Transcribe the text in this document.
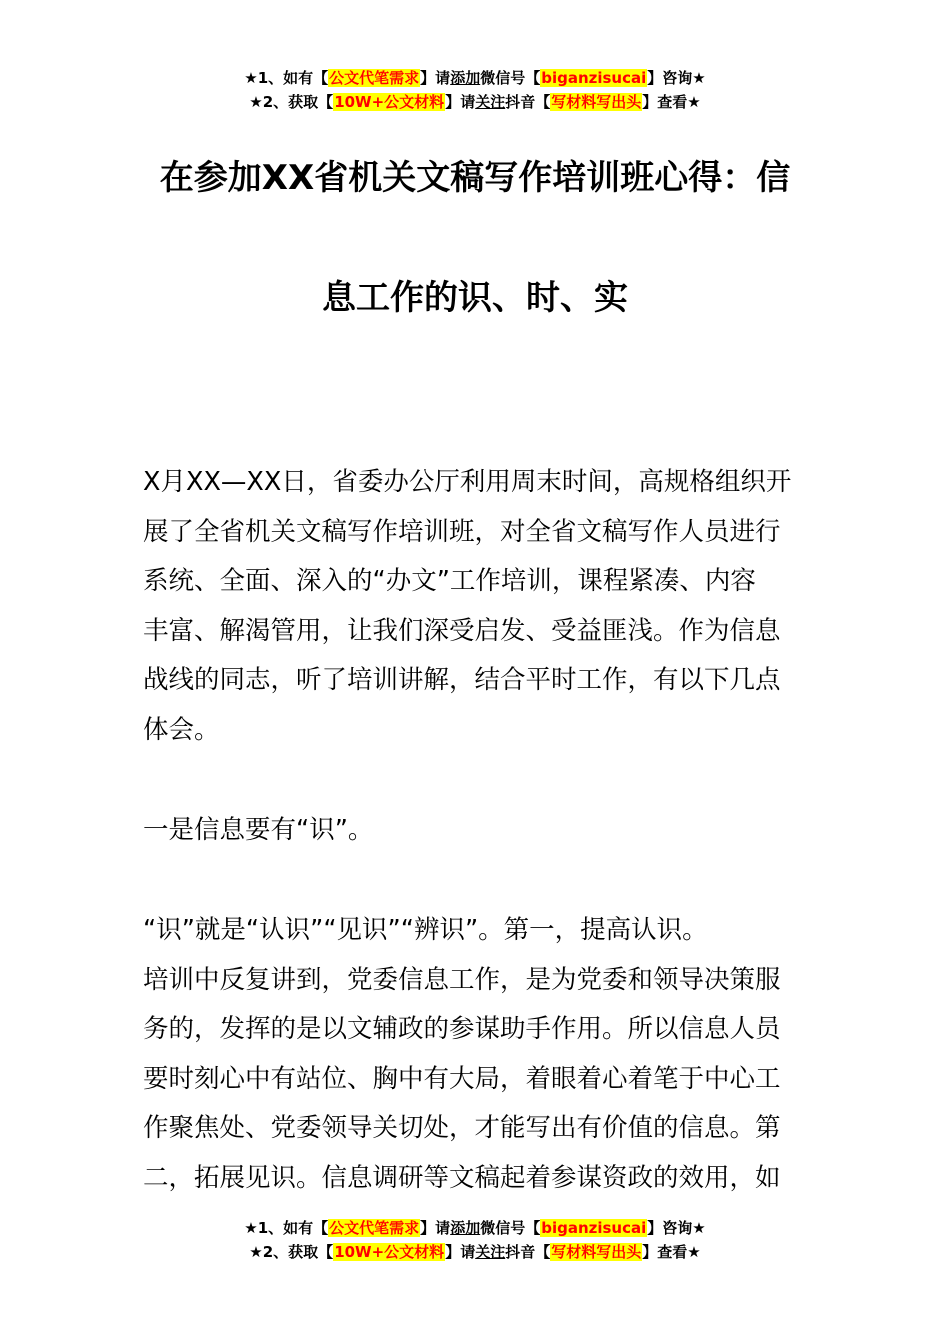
★1、如有【公文代笔需求】请添加微信号【biganzisucai】咨询★
★2、获取【10W+公文材料】请关注抖音【写材料写出头】查看★
在参加XX省机关文稿写作培训班心得：信
息工作的识、时、实
X月XX—XX日，省委办公厅利用周末时间，高规格组织开
展了全省机关文稿写作培训班，对全省文稿写作人员进行
系统、全面、深入的“办文”工作培训，课程紧凑、内容
丰富、解渴管用，让我们深受启发、受益匪浅。作为信息
战线的同志，听了培训讲解，结合平时工作，有以下几点
体会。
一是信息要有“识”。
“识”就是“认识”“见识”“辨识”。第一，提高认识。
培训中反复讲到，党委信息工作，是为党委和领导决策服
务的，发挥的是以文辅政的参谋助手作用。所以信息人员
要时刻心中有站位、胸中有大局，着眼着心着笔于中心工
作聚焦处、党委领导关切处，才能写出有价值的信息。第
二，拓展见识。信息调研等文稿起着参谋资政的效用，如
★1、如有【公文代笔需求】请添加微信号【biganzisucai】咨询★
★2、获取【10W+公文材料】请关注抖音【写材料写出头】查看★
